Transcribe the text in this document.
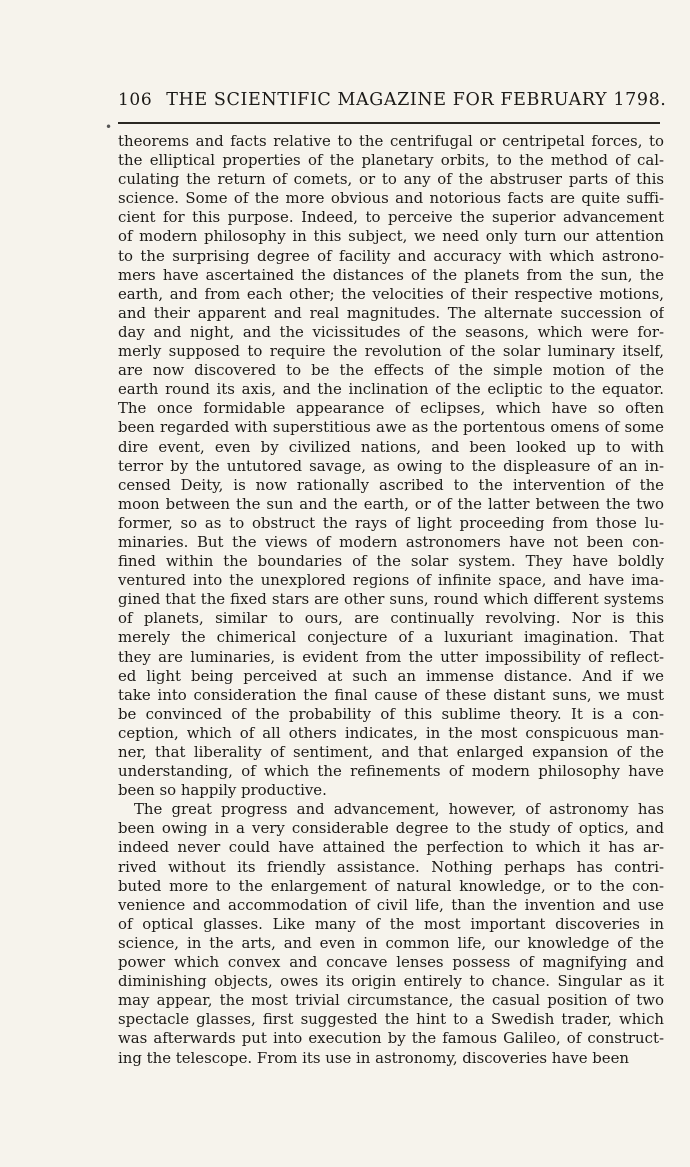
•
106 THE SCIENTIFIC MAGAZINE FOR FEBRUARY 1798.
theorems and facts relative to the centrifugal or centripetal forces, to
the elliptical properties of the planetary orbits, to the method of cal-
culating the return of comets, or to any of the abstruser parts of this
science. Some of the more obvious and notorious facts are quite suffi-
cient for this purpose. Indeed, to perceive the superior advancement
of modern philosophy in this subject, we need only turn our attention
to the surprising degree of facility and accuracy with which astrono-
mers have ascertained the distances of the planets from the sun, the
earth, and from each other; the velocities of their respective motions,
and their apparent and real magnitudes. The alternate succession of
day and night, and the vicissitudes of the seasons, which were for-
merly supposed to require the revolution of the solar luminary itself,
are now discovered to be the effects of the simple motion of the
earth round its axis, and the inclination of the ecliptic to the equator.
The once formidable appearance of eclipses, which have so often
been regarded with superstitious awe as the portentous omens of some
dire event, even by civilized nations, and been looked up to with
terror by the untutored savage, as owing to the displeasure of an in-
censed Deity, is now rationally ascribed to the intervention of the
moon between the sun and the earth, or of the latter between the two
former, so as to obstruct the rays of light proceeding from those lu-
minaries. But the views of modern astronomers have not been con-
fined within the boundaries of the solar system. They have boldly
ventured into the unexplored regions of infinite space, and have ima-
gined that the fixed stars are other suns, round which different systems
of planets, similar to ours, are continually revolving. Nor is this
merely the chimerical conjecture of a luxuriant imagination. That
they are luminaries, is evident from the utter impossibility of reflect-
ed light being perceived at such an immense distance. And if we
take into consideration the final cause of these distant suns, we must
be convinced of the probability of this sublime theory. It is a con-
ception, which of all others indicates, in the most conspicuous man-
ner, that liberality of sentiment, and that enlarged expansion of the
understanding, of which the refinements of modern philosophy have
been so happily productive.
The great progress and advancement, however, of astronomy has
been owing in a very considerable degree to the study of optics, and
indeed never could have attained the perfection to which it has ar-
rived without its friendly assistance. Nothing perhaps has contri-
buted more to the enlargement of natural knowledge, or to the con-
venience and accommodation of civil life, than the invention and use
of optical glasses. Like many of the most important discoveries in
science, in the arts, and even in common life, our knowledge of the
power which convex and concave lenses possess of magnifying and
diminishing objects, owes its origin entirely to chance. Singular as it
may appear, the most trivial circumstance, the casual position of two
spectacle glasses, first suggested the hint to a Swedish trader, which
was afterwards put into execution by the famous Galileo, of construct-
ing the telescope. From its use in astronomy, discoveries have been
